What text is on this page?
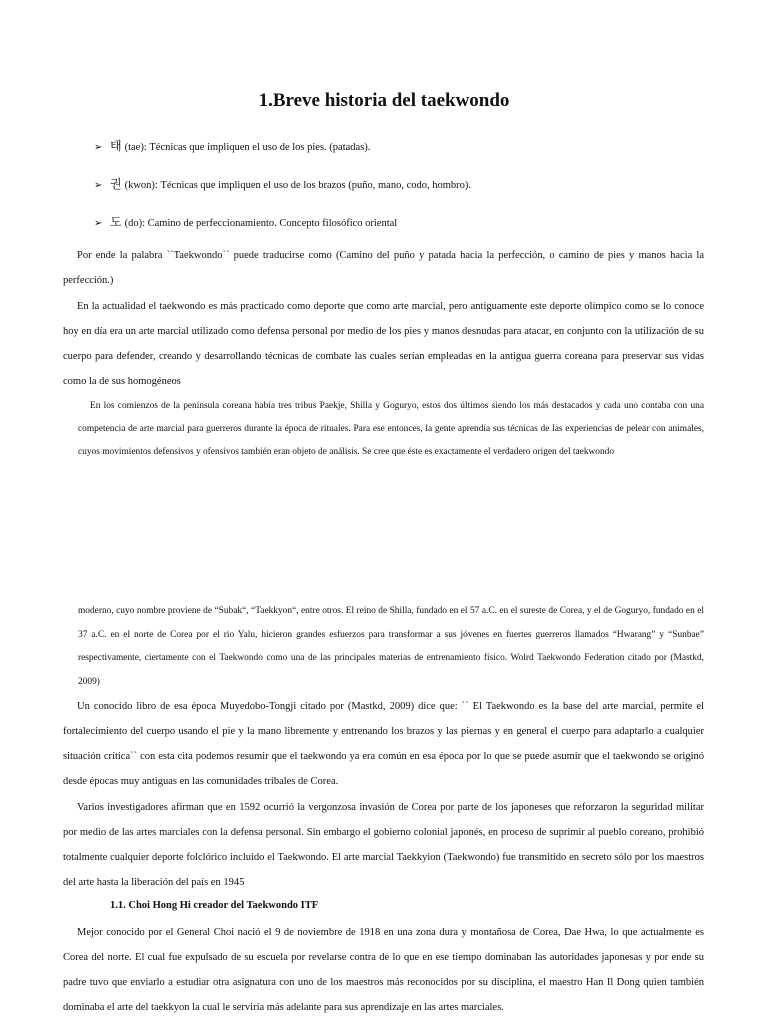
1.Breve historia del taekwondo
➢ 태 (tae): Técnicas que impliquen el uso de los pies. (patadas).
➢ 권 (kwon): Técnicas que impliquen el uso de los brazos (puño, mano, codo, hombro).
➢ 도 (do): Camino de perfeccionamiento. Concepto filosófico oriental

Por ende la palabra ``Taekwondo`` puede traducirse como (Camino del puño y patada hacia la perfección, o camino de pies y manos hacia la perfección.)

En la actualidad el taekwondo es más practicado como deporte que como arte marcial, pero antiguamente este deporte olímpico como se lo conoce hoy en día era un arte marcial utilizado como defensa personal por medio de los pies y manos desnudas para atacar, en conjunto con la utilización de su cuerpo para defender, creando y desarrollando técnicas de combate las cuales serían empleadas en la antigua guerra coreana para preservar sus vidas como la de sus homogéneos

En los comienzos de la península coreana había tres tribus Paekje, Shilla y Goguryo, estos dos últimos siendo los más destacados y cada uno contaba con una competencia de arte marcial para guerreros durante la época de rituales. Para ese entonces, la gente aprendía sus técnicas de las experiencias de pelear con animales, cuyos movimientos defensivos y ofensivos también eran objeto de análisis. Se cree que éste es exactamente el verdadero origen del taekwondo

moderno, cuyo nombre proviene de “Subak“, “Taekkyon“, entre otros. El reino de Shilla, fundado en el 57 a.C. en el sureste de Corea, y el de Goguryo, fundado en el 37 a.C. en el norte de Corea por el rio Yalu, hicieron grandes esfuerzos para transformar a sus jóvenes en fuertes guerreros llamados “Hwarang” y “Sunbae” respectivamente, ciertamente con el Taekwondo como una de las principales materias de entrenamiento físico. Wolrd Taekwondo Federation citado por (Mastkd, 2009)

Un conocido libro de esa época Muyedobo-Tongji citado por (Mastkd, 2009) dice que: `` El Taekwondo es la base del arte marcial, permite el fortalecimiento del cuerpo usando el pie y la mano libremente y entrenando los brazos y las piernas y en general el cuerpo para adaptarlo a cualquier situación crítica`` con esta cita podemos resumir que el taekwondo ya era común en esa época por lo que se puede asumir que el taekwondo se originó desde épocas muy antiguas en las comunidades tribales de Corea.

Varios investigadores afirman que en 1592 ocurrió la vergonzosa invasión de Corea por parte de los japoneses que reforzaron la seguridad militar por medio de las artes marciales con la defensa personal. Sin embargo el gobierno colonial japonés, en proceso de suprimir al pueblo coreano, prohibió totalmente cualquier deporte folclórico incluido el Taekwondo. El arte marcial Taekkyion (Taekwondo) fue transmitido en secreto sólo por los maestros del arte hasta la liberación del país en 1945

1.1. Choi Hong Hi creador del Taekwondo ITF

Mejor conocido por el General Choi nació el 9 de noviembre de 1918 en una zona dura y montañosa de Corea, Dae Hwa, lo que actualmente es Corea del norte. El cual fue expulsado de su escuela por revelarse contra de lo que en ese tiempo dominaban las autoridades japonesas y por ende su padre tuvo que enviarlo a estudiar otra asignatura con uno de los maestros más reconocidos por su disciplina, el maestro Han Il Dong quien también dominaba el arte del taekkyon la cual le serviría más adelante para sus aprendizaje en las artes marciales.
